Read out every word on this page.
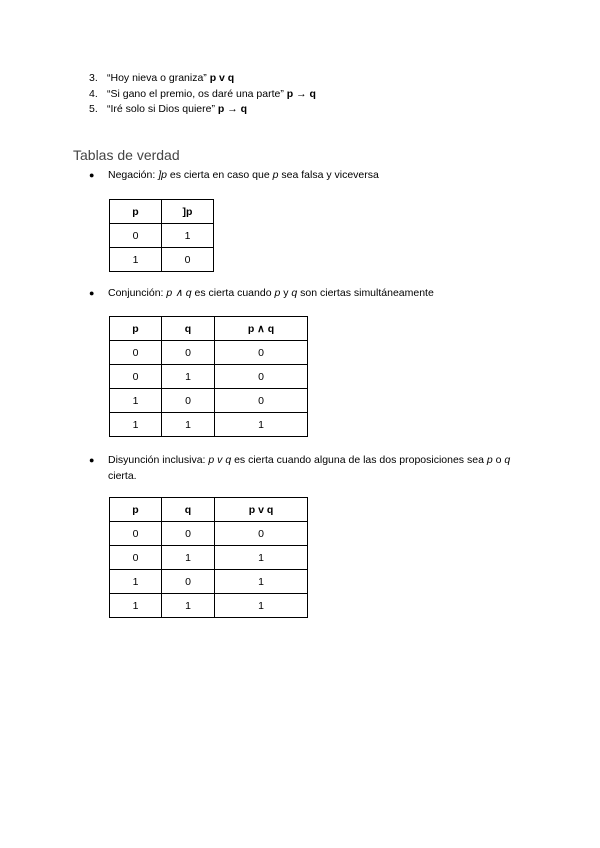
3. “Hoy nieva o graniza” p v q
4. “Si gano el premio, os daré una parte” p → q
5. “Iré solo si Dios quiere” p → q
Tablas de verdad
●	Negación: ]p es cierta en caso que p sea falsa y viceversa
p	]p
0	1
1	0
●	Conjunción: p ∧ q es cierta cuando p y q son ciertas simultáneamente
p	q	p ∧ q
0	0	0
0	1	0
1	0	0
1	1	1
●	Disyunción inclusiva: p v q es cierta cuando alguna de las dos proposiciones sea p o q cierta.
p	q	p v q
0	0	0
0	1	1
1	0	1
1	1	1
